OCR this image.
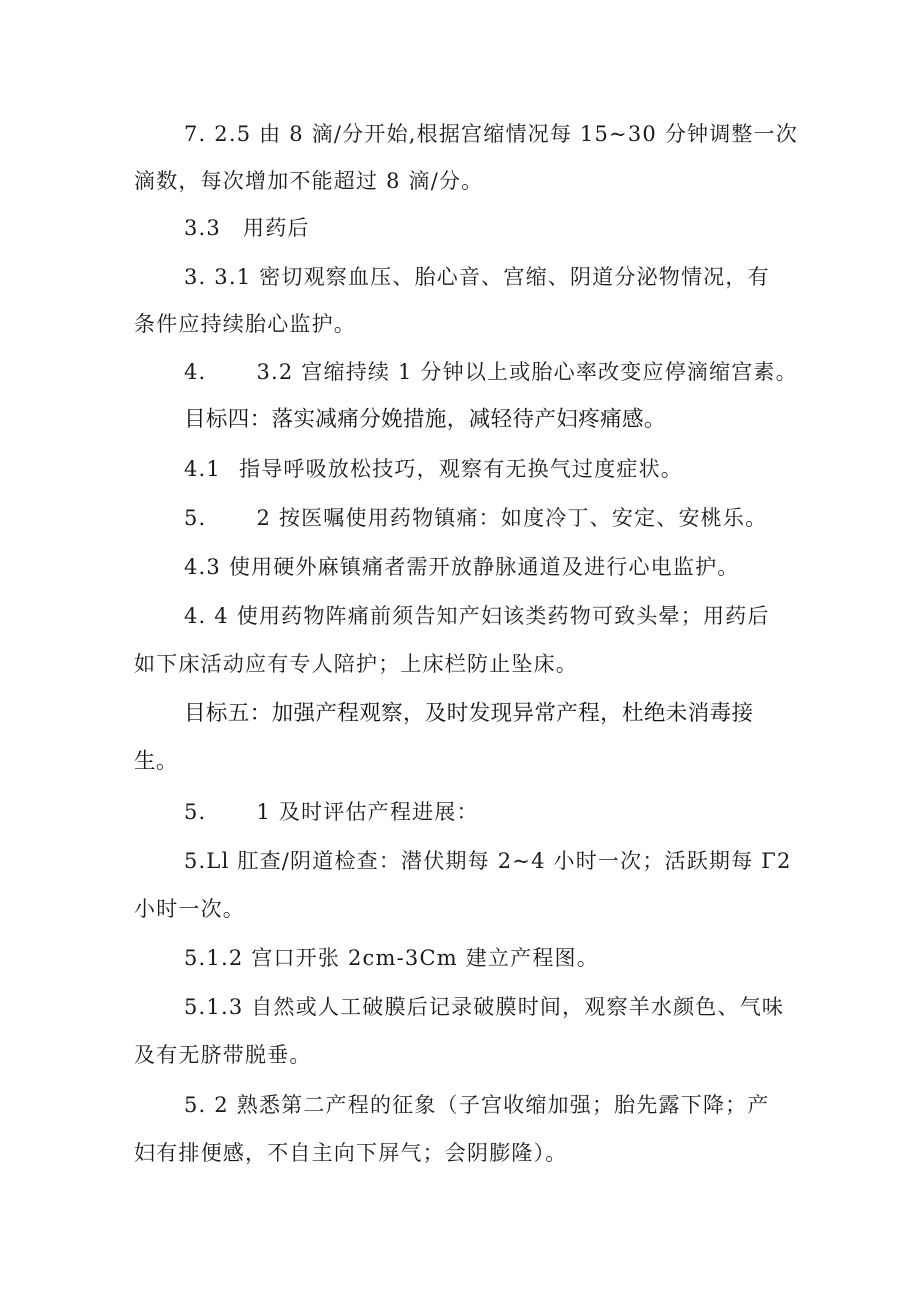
7. 2.5 由 8 滴/分开始,根据宫缩情况每 15~30 分钟调整一次
滴数，每次增加不能超过 8 滴/分。
3.3 用药后
3. 3.1 密切观察血压、胎心音、宫缩、阴道分泌物情况，有
条件应持续胎心监护。
4. 3.2 宫缩持续 1 分钟以上或胎心率改变应停滴缩宫素。
目标四：落实减痛分娩措施，减轻待产妇疼痛感。
4.1 指导呼吸放松技巧，观察有无换气过度症状。
5. 2 按医嘱使用药物镇痛：如度冷丁、安定、安桃乐。
4.3 使用硬外麻镇痛者需开放静脉通道及进行心电监护。
4. 4 使用药物阵痛前须告知产妇该类药物可致头晕；用药后
如下床活动应有专人陪护；上床栏防止坠床。
目标五：加强产程观察，及时发现异常产程，杜绝未消毒接
生。
5. 1 及时评估产程进展：
5.Ll 肛查/阴道检查：潜伏期每 2~4 小时一次；活跃期每 Γ2
小时一次。
5.1.2 宫口开张 2cm-3Cm 建立产程图。
5.1.3 自然或人工破膜后记录破膜时间，观察羊水颜色、气味
及有无脐带脱垂。
5. 2 熟悉第二产程的征象（子宫收缩加强；胎先露下降；产
妇有排便感，不自主向下屏气；会阴膨隆）。
